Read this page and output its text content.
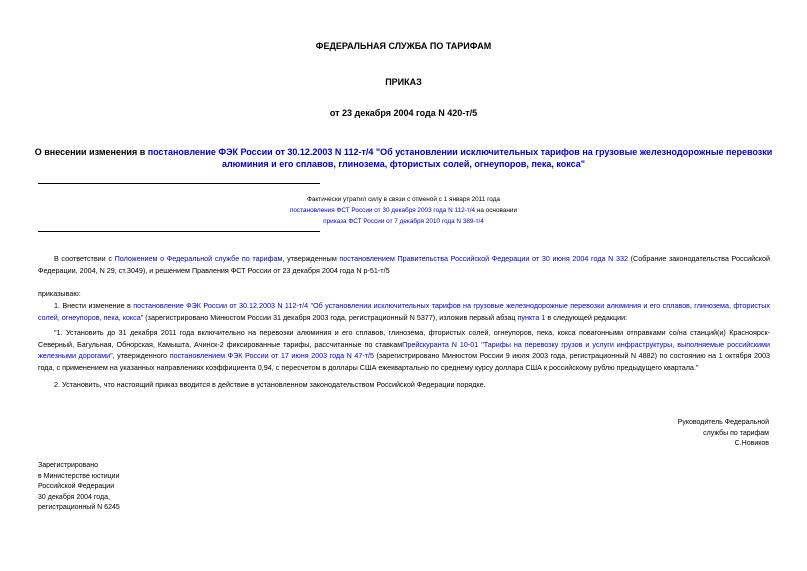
ФЕДЕРАЛЬНАЯ СЛУЖБА ПО ТАРИФАМ
ПРИКАЗ
от 23 декабря 2004 года N 420-т/5
О внесении изменения в постановление ФЭК России от 30.12.2003 N 112-т/4 "Об установлении исключительных тарифов на грузовые железнодорожные перевозки алюминия и его сплавов, глинозема, фтористых солей, огнеупоров, пека, кокса"
Фактически утратил силу в связи с отменой с 1 января 2011 года
постановления ФСТ России от 30 декабря 2003 года N 112-т/4 на основании
приказа ФСТ России от 7 декабря 2010 года N 389-т/4

В соответствии с Положением о Федеральной службе по тарифам, утвержденным постановлением Правительства Российской Федерации от 30 июня 2004 года N 332 (Собрание законодательства Российской Федерации, 2004, N 29, ст.3049), и решением Правления ФСТ России от 23 декабря 2004 года N р-51-т/5

приказываю:

1. Внести изменение в постановление ФЭК России от 30.12.2003 N 112-т/4 "Об установлении исключительных тарифов на грузовые железнодорожные перевозки алюминия и его сплавов, глинозема, фтористых солей, огнеупоров, пека, кокса" (зарегистрировано Минюстом России 31 декабря 2003 года, регистрационный N 5377), изложив первый абзац пункта 1 в следующей редакции:

"1. Установить до 31 декабря 2011 года включительно на перевозки алюминия и его сплавов, глинозема, фтористых солей, огнеупоров, пека, кокса повагонными отправками со/на станций(и) Красноярск-Северный, Багульная, Обнорская, Камышта, Ачинск-2 фиксированные тарифы, рассчитанные по ставкамПрейскуранта N 10-01 "Тарифы на перевозку грузов и услуги инфраструктуры, выполняемые российскими железными дорогами", утвержденного постановлением ФЭК России от 17 июня 2003 года N 47-т/5 (зарегистрировано Минюстом России 9 июля 2003 года, регистрационный N 4882) по состоянию на 1 октября 2003 года, с применением на указанных направлениях коэффициента 0,94, с пересчетом в доллары США ежеквартально по среднему курсу доллара США к российскому рублю предыдущего квартала."

2. Установить, что настоящий приказ вводится в действие в установленном законодательством Российской Федерации порядке.

Руководитель Федеральной
службы по тарифам
С.Новиков
Зарегистрировано
в Министерстве юстиции
Российской Федерации
30 декабря 2004 года,
регистрационный N 6245
